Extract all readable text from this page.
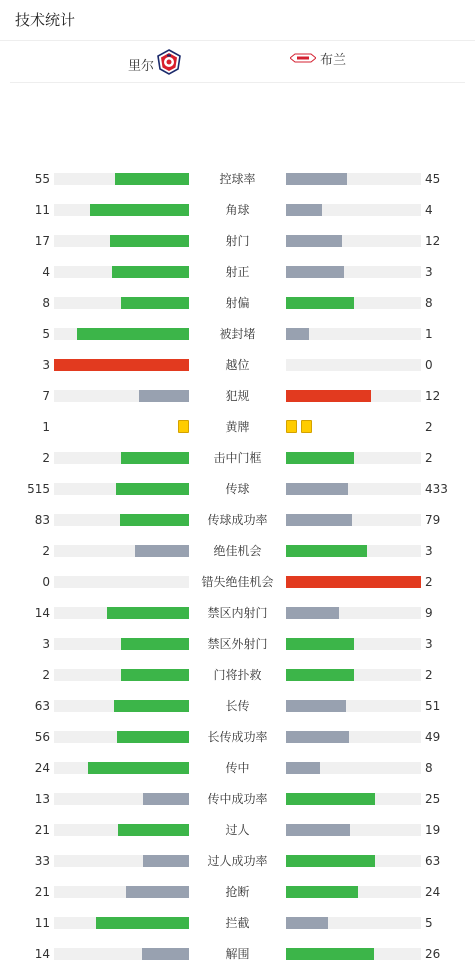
技术统计
里尔	布兰
55	控球率	45
11	角球	4
17	射门	12
4	射正	3
8	射偏	8
5	被封堵	1
3	越位	0
7	犯规	12
1	黄牌	2
2	击中门框	2
515	传球	433
83	传球成功率	79
2	绝佳机会	3
0	错失绝佳机会	2
14	禁区内射门	9
3	禁区外射门	3
2	门将扑救	2
63	长传	51
56	长传成功率	49
24	传中	8
13	传中成功率	25
21	过人	19
33	过人成功率	63
21	抢断	24
11	拦截	5
14	解围	26
